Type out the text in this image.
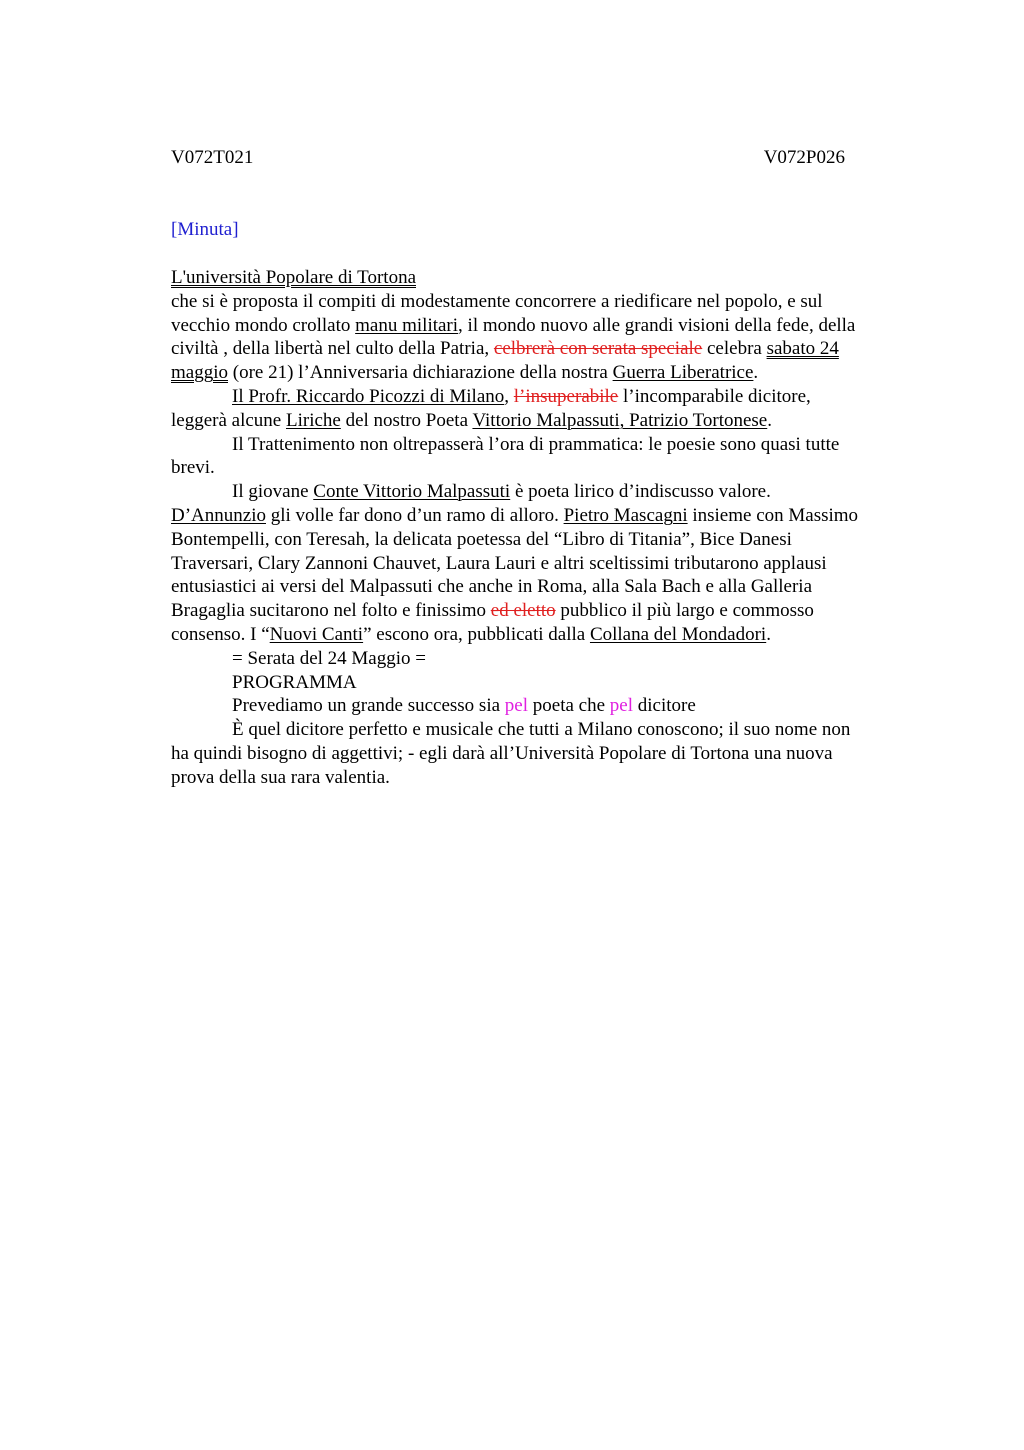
V072T021	V072P026
[Minuta]
L'università Popolare di Tortona
che si è proposta il compiti di modestamente concorrere a riedificare nel popolo, e sul
vecchio mondo crollato manu militari, il mondo nuovo alle grandi visioni della fede, della
civiltà , della libertà nel culto della Patria, celbrerà con serata speciale celebra sabato 24
maggio (ore 21) l’Anniversaria dichiarazione della nostra Guerra Liberatrice.
Il Profr. Riccardo Picozzi di Milano, l’insuperabile l’incomparabile dicitore,
leggerà alcune Liriche del nostro Poeta Vittorio Malpassuti, Patrizio Tortonese.
Il Trattenimento non oltrepasserà l’ora di prammatica: le poesie sono quasi tutte
brevi.
Il giovane Conte Vittorio Malpassuti è poeta lirico d’indiscusso valore.
D’Annunzio gli volle far dono d’un ramo di alloro. Pietro Mascagni insieme con Massimo
Bontempelli, con Teresah, la delicata poetessa del “Libro di Titania”, Bice Danesi
Traversari, Clary Zannoni Chauvet, Laura Lauri e altri sceltissimi tributarono applausi
entusiastici ai versi del Malpassuti che anche in Roma, alla Sala Bach e alla Galleria
Bragaglia sucitarono nel folto e finissimo ed eletto pubblico il più largo e commosso
consenso. I “Nuovi Canti” escono ora, pubblicati dalla Collana del Mondadori.
= Serata del 24 Maggio =
PROGRAMMA
Prevediamo un grande successo sia pel poeta che pel dicitore
È quel dicitore perfetto e musicale che tutti a Milano conoscono; il suo nome non
ha quindi bisogno di aggettivi; - egli darà all’Università Popolare di Tortona una nuova
prova della sua rara valentia.
